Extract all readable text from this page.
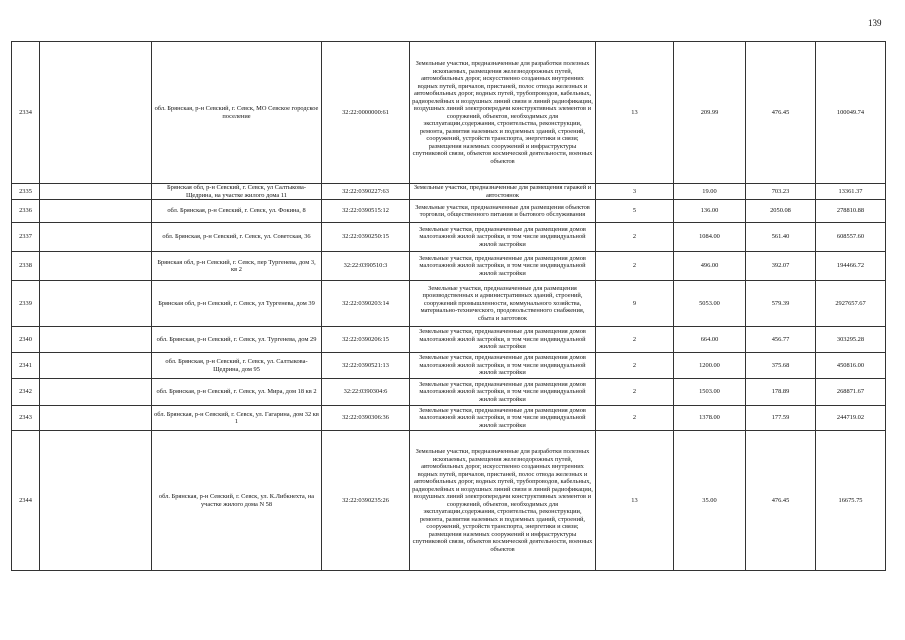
139
2334		обл. Брянская, р-н Севский, г. Севск, МО Севское городское поселение	32:22:0000000:61	Земельные участки, предназначенные для разработки полезных ископаемых, размещения железнодорожных путей, автомобильных дорог, искусственно созданных внутренних водных путей, причалов, пристаней, полос отвода железных и автомобильных дорог, водных путей, трубопроводов, кабельных, радиорелейных и воздушных линий связи и линий радиофикации, воздушных линий электропередачи конструктивных элементов и сооружений, объектов, необходимых для эксплуатации,содержания, строительства, реконструкции, ремонта, развития наземных и подземных зданий, строений, сооружений, устройств транспорта, энергетики и связи; размещения наземных сооружений и инфраструктуры спутниковой связи, объектов космической деятельности, военных объектов	13	209.99	476.45	100049.74
2335		Брянская обл, р-н Севский, г. Севск, ул Салтыкова-Щедрина, на участке жилого дома 11	32:22:0390227:63	Земельные участки, предназначенные для размещения гаражей и автостоянок	3	19.00	703.23	13361.37
2336		обл. Брянская, р-н Севский, г. Севск, ул. Фокина, 8	32:22:0390515:12	Земельные участки, предназначенные для размещения объектов торговли, общественного питания и бытового обслуживания	5	136.00	2050.08	278810.88
2337		обл. Брянская, р-н Севский, г. Севск, ул. Советская, 36	32:22:0390250:15	Земельные участки, предназначенные для размещения домов малоэтажной жилой застройки, в том числе индивидуальной жилой застройки	2	1084.00	561.40	608557.60
2338		Брянская обл, р-н Севский, г. Севск, пер Тургенева, дом 3, кв 2	32:22:0390510:3	Земельные участки, предназначенные для размещения домов малоэтажной жилой застройки, в том числе индивидуальной жилой застройки	2	496.00	392.07	194466.72
2339		Брянская обл, р-н Севский, г. Севск, ул Тургенева, дом 39	32:22:0390203:14	Земельные участки, предназначенные для размещения производственных и административных зданий, строений, сооружений промышленности, коммунального хозяйства, материально-технического, продовольственного снабжения, сбыта и заготовок	9	5053.00	579.39	2927657.67
2340		обл. Брянская, р-н Севский, г. Севск, ул. Тургенева, дом 29	32:22:0390206:15	Земельные участки, предназначенные для размещения домов малоэтажной жилой застройки, в том числе индивидуальной жилой застройки	2	664.00	456.77	303295.28
2341		обл. Брянская, р-н Севский, г. Севск, ул. Салтыкова-Щедрина, дом 95	32:22:0390521:13	Земельные участки, предназначенные для размещения домов малоэтажной жилой застройки, в том числе индивидуальной жилой застройки	2	1200.00	375.68	450816.00
2342		обл. Брянская, р-н Севский, г. Севск, ул. Мира, дом 18 кв 2	32:22:0390304:6	Земельные участки, предназначенные для размещения домов малоэтажной жилой застройки, в том числе индивидуальной жилой застройки	2	1503.00	178.89	268871.67
2343		обл. Брянская, р-н Севский, г. Севск, ул. Гагарина, дом 32 кв 1	32:22:0390306:36	Земельные участки, предназначенные для размещения домов малоэтажной жилой застройки, в том числе индивидуальной жилой застройки	2	1378.00	177.59	244719.02
2344		обл. Брянская, р-н Севский, г. Севск, ул. К.Либкнехта, на участке жилого дома N 58	32:22:0390235:26	Земельные участки, предназначенные для разработки полезных ископаемых, размещения железнодорожных путей, автомобильных дорог, искусственно созданных внутренних водных путей, причалов, пристаней, полос отвода железных и автомобильных дорог, водных путей, трубопроводов, кабельных, радиорелейных и воздушных линий связи и линий радиофикации, воздушных линий электропередачи конструктивных элементов и сооружений, объектов, необходимых для эксплуатации,содержания, строительства, реконструкции, ремонта, развития наземных и подземных зданий, строений, сооружений, устройств транспорта, энергетики и связи; размещения наземных сооружений и инфраструктуры спутниковой связи, объектов космической деятельности, военных объектов	13	35.00	476.45	16675.75
